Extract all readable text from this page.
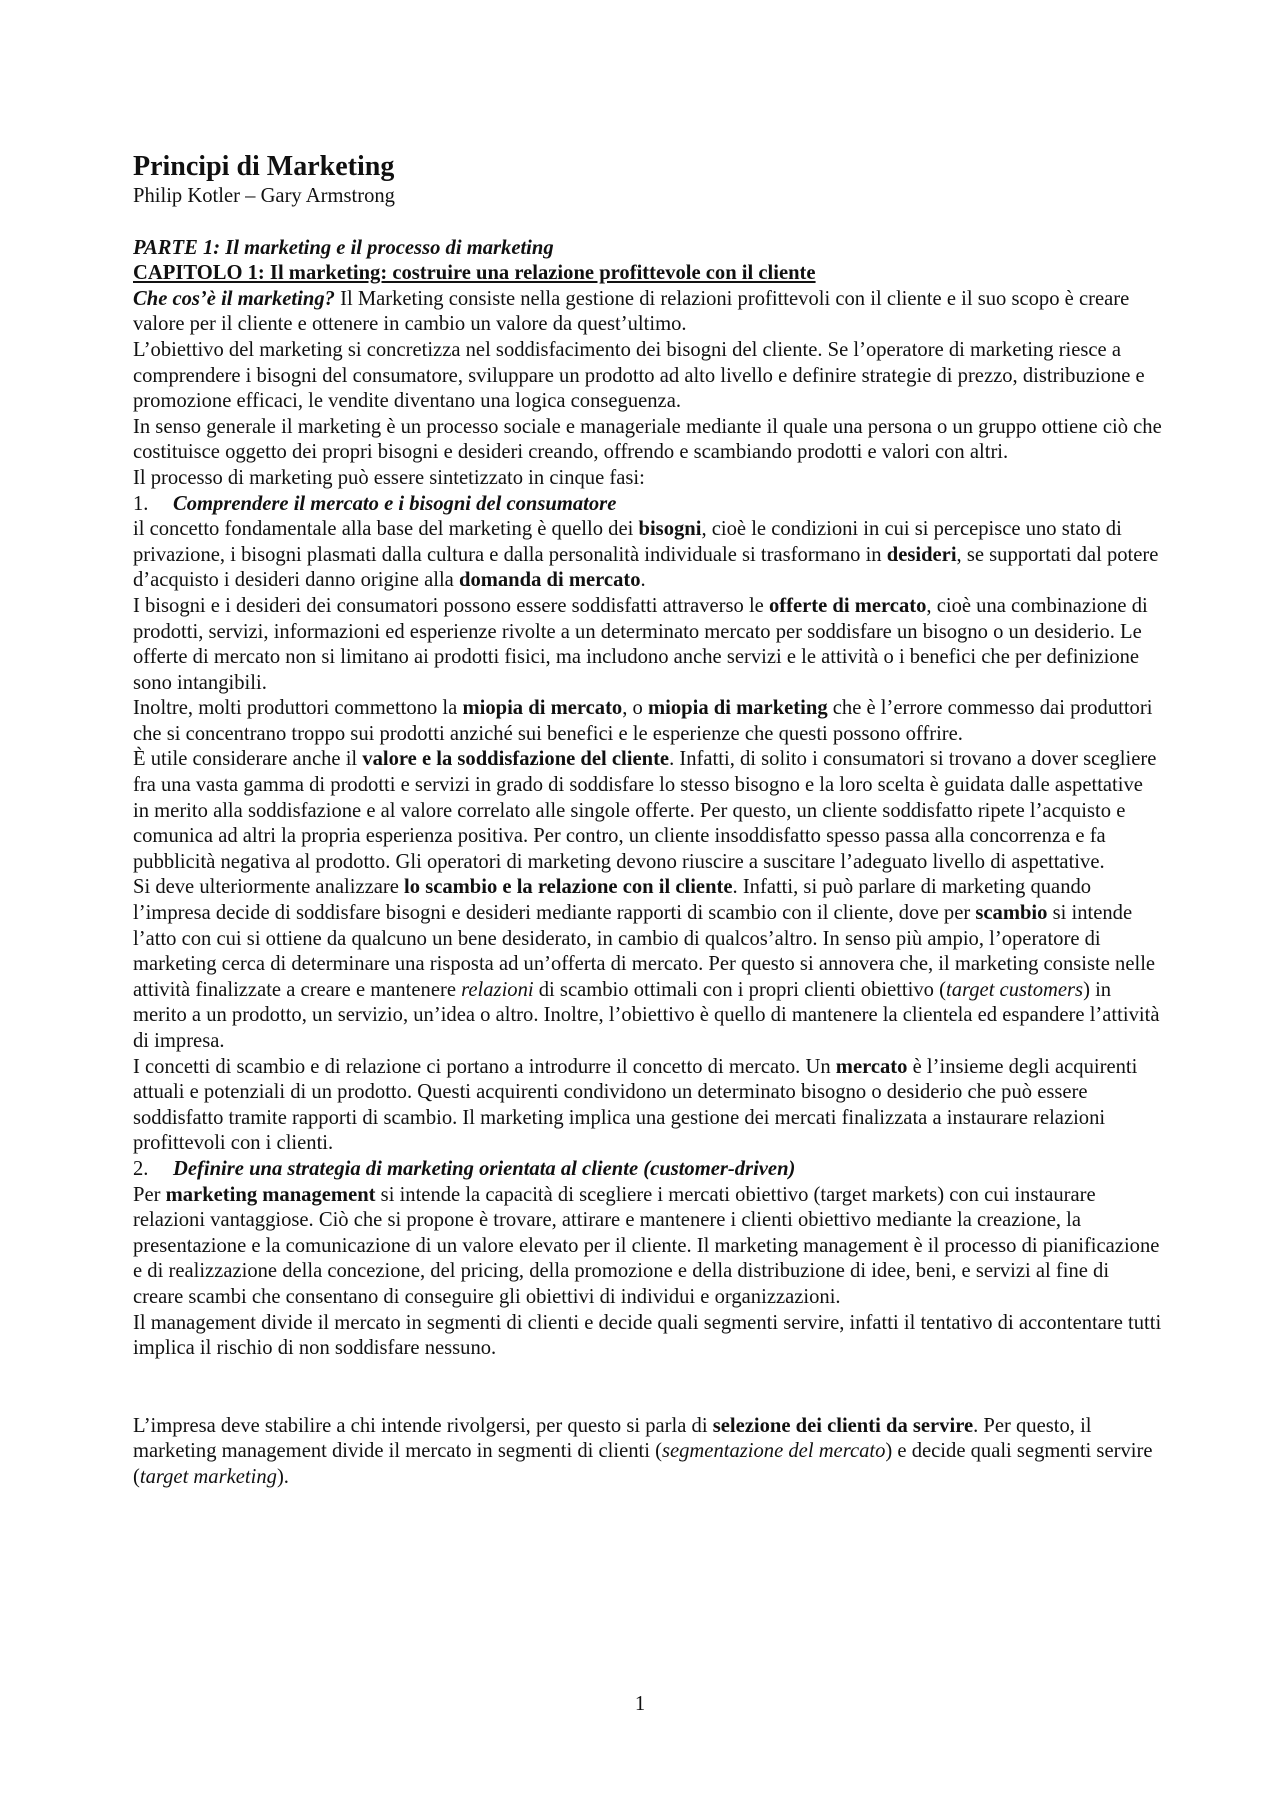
Principi di Marketing
Philip Kotler – Gary Armstrong
PARTE 1: Il marketing e il processo di marketing
CAPITOLO 1: Il marketing: costruire una relazione profittevole con il cliente

Che cos’è il marketing? Il Marketing consiste nella gestione di relazioni profittevoli con il cliente e il suo scopo è creare valore per il cliente e ottenere in cambio un valore da quest’ultimo.

L’obiettivo del marketing si concretizza nel soddisfacimento dei bisogni del cliente. Se l’operatore di marketing riesce a comprendere i bisogni del consumatore, sviluppare un prodotto ad alto livello e definire strategie di prezzo, distribuzione e promozione efficaci, le vendite diventano una logica conseguenza.

In senso generale il marketing è un processo sociale e manageriale mediante il quale una persona o un gruppo ottiene ciò che costituisce oggetto dei propri bisogni e desideri creando, offrendo e scambiando prodotti e valori con altri.

Il processo di marketing può essere sintetizzato in cinque fasi:

1. Comprendere il mercato e i bisogni del consumatore

il concetto fondamentale alla base del marketing è quello dei bisogni, cioè le condizioni in cui si percepisce uno stato di privazione, i bisogni plasmati dalla cultura e dalla personalità individuale si trasformano in desideri, se supportati dal potere d’acquisto i desideri danno origine alla domanda di mercato.

I bisogni e i desideri dei consumatori possono essere soddisfatti attraverso le offerte di mercato, cioè una combinazione di prodotti, servizi, informazioni ed esperienze rivolte a un determinato mercato per soddisfare un bisogno o un desiderio. Le offerte di mercato non si limitano ai prodotti fisici, ma includono anche servizi e le attività o i benefici che per definizione sono intangibili.

Inoltre, molti produttori commettono la miopia di mercato, o miopia di marketing che è l’errore commesso dai produttori che si concentrano troppo sui prodotti anziché sui benefici e le esperienze che questi possono offrire.

È utile considerare anche il valore e la soddisfazione del cliente. Infatti, di solito i consumatori si trovano a dover scegliere fra una vasta gamma di prodotti e servizi in grado di soddisfare lo stesso bisogno e la loro scelta è guidata dalle aspettative in merito alla soddisfazione e al valore correlato alle singole offerte. Per questo, un cliente soddisfatto ripete l’acquisto e comunica ad altri la propria esperienza positiva. Per contro, un cliente insoddisfatto spesso passa alla concorrenza e fa pubblicità negativa al prodotto. Gli operatori di marketing devono riuscire a suscitare l’adeguato livello di aspettative.

Si deve ulteriormente analizzare lo scambio e la relazione con il cliente. Infatti, si può parlare di marketing quando l’impresa decide di soddisfare bisogni e desideri mediante rapporti di scambio con il cliente, dove per scambio si intende l’atto con cui si ottiene da qualcuno un bene desiderato, in cambio di qualcos’altro. In senso più ampio, l’operatore di marketing cerca di determinare una risposta ad un’offerta di mercato. Per questo si annovera che, il marketing consiste nelle attività finalizzate a creare e mantenere relazioni di scambio ottimali con i propri clienti obiettivo (target customers) in merito a un prodotto, un servizio, un’idea o altro. Inoltre, l’obiettivo è quello di mantenere la clientela ed espandere l’attività di impresa.

I concetti di scambio e di relazione ci portano a introdurre il concetto di mercato. Un mercato è l’insieme degli acquirenti attuali e potenziali di un prodotto. Questi acquirenti condividono un determinato bisogno o desiderio che può essere soddisfatto tramite rapporti di scambio. Il marketing implica una gestione dei mercati finalizzata a instaurare relazioni profittevoli con i clienti.

2. Definire una strategia di marketing orientata al cliente (customer-driven)

Per marketing management si intende la capacità di scegliere i mercati obiettivo (target markets) con cui instaurare relazioni vantaggiose. Ciò che si propone è trovare, attirare e mantenere i clienti obiettivo mediante la creazione, la presentazione e la comunicazione di un valore elevato per il cliente. Il marketing management è il processo di pianificazione e di realizzazione della concezione, del pricing, della promozione e della distribuzione di idee, beni, e servizi al fine di creare scambi che consentano di conseguire gli obiettivi di individui e organizzazioni.

Il management divide il mercato in segmenti di clienti e decide quali segmenti servire, infatti il tentativo di accontentare tutti implica il rischio di non soddisfare nessuno.

L’impresa deve stabilire a chi intende rivolgersi, per questo si parla di selezione dei clienti da servire. Per questo, il marketing management divide il mercato in segmenti di clienti (segmentazione del mercato) e decide quali segmenti servire (target marketing).

1
